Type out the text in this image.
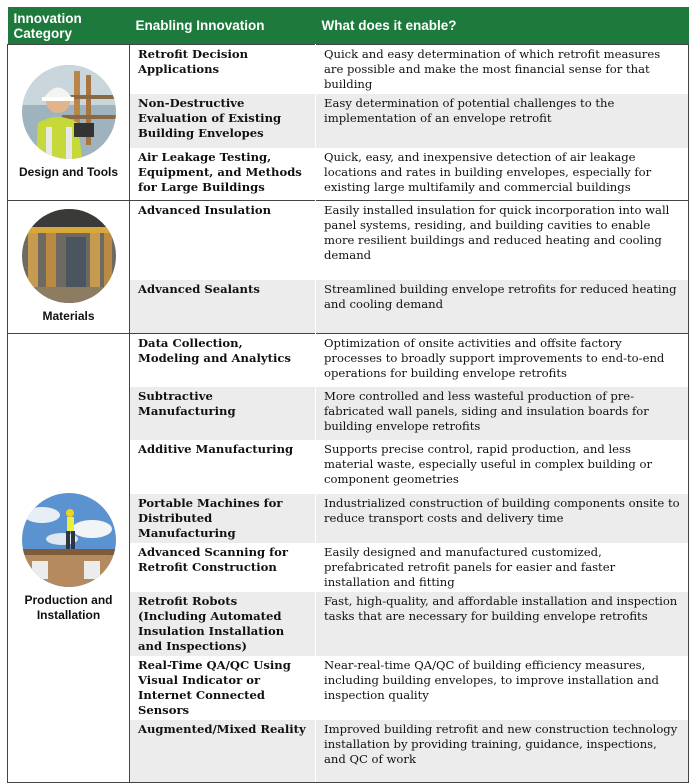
Innovation
Category	Enabling Innovation	What does it enable?

Design and Tools	Retrofit Decision Applications	Quick and easy determination of which retrofit measures are possible and make the most financial sense for that building
	Non-Destructive Evaluation of Existing Building Envelopes	Easy determination of potential challenges to the implementation of an envelope retrofit
	Air Leakage Testing, Equipment, and Methods for Large Buildings	Quick, easy, and inexpensive detection of air leakage locations and rates in building envelopes, especially for existing large multifamily and commercial buildings

Materials	Advanced Insulation	Easily installed insulation for quick incorporation into wall panel systems, residing, and building cavities to enable more resilient buildings and reduced heating and cooling demand
	Advanced Sealants	Streamlined building envelope retrofits for reduced heating and cooling demand

Production and Installation	Data Collection, Modeling and Analytics	Optimization of onsite activities and offsite factory processes to broadly support improvements to end-to-end operations for building envelope retrofits
	Subtractive Manufacturing	More controlled and less wasteful production of pre-fabricated wall panels, siding and insulation boards for building envelope retrofits
	Additive Manufacturing	Supports precise control, rapid production, and less material waste, especially useful in complex building or component geometries
	Portable Machines for Distributed Manufacturing	Industrialized construction of building components onsite to reduce transport costs and delivery time
	Advanced Scanning for Retrofit Construction	Easily designed and manufactured customized, prefabricated retrofit panels for easier and faster installation and fitting
	Retrofit Robots (Including Automated Insulation Installation and Inspections)	Fast, high-quality, and affordable installation and inspection tasks that are necessary for building envelope retrofits
	Real-Time QA/QC Using Visual Indicator or Internet Connected Sensors	Near-real-time QA/QC of building efficiency measures, including building envelopes, to improve installation and inspection quality
	Augmented/Mixed Reality	Improved building retrofit and new construction technology installation by providing training, guidance, inspections, and QC of work
